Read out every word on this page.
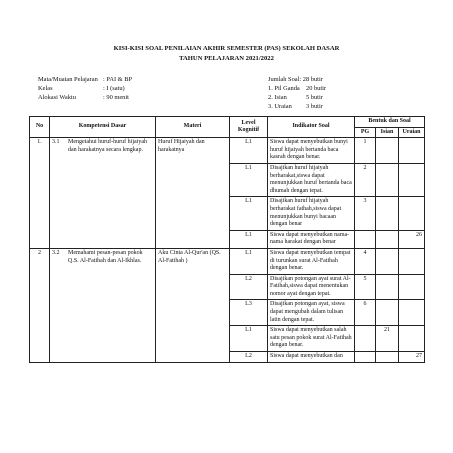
KISI-KISI SOAL PENILAIAN AKHIR SEMESTER (PAS) SEKOLAH DASAR
TAHUN PELAJARAN 2021/2022
Mata/Muatan Pelajaran : PAI & BP
Kelas	: I (satu)
Alokasi Waktu	: 90 menit
Jumlah Soal: 28 butir
1. Pil Ganda 20 butir
2. Isian	5 butir
3. Uraian	3 butir
No	Kompetensi Dasar	Materi	Level Kognitif	Indikator Soal	Bentuk dan Soal		
					PG	Isian	Uraian
1.	3.1 Mengetahui huruf-huruf hijaiyah dan harakatnya secara lengkap.	Huruf Hijaiyah dan harakatnya	L1	Siswa dapat menyebutkan bunyi huruf hijaiyah bertanda baca kasrah dengan benar.	1		
			L1	Disajikan huruf hijaiyah berharakat,siswa dapat menunjukkan huruf bertanda baca dhumah dengan tepat.	2		
			L1	Disajikan huruf hijaiyah berharakat fathah,siswa dapat menunjukkan bunyi bacaan dengan benar	3		
			L1	Siswa dapat menyebutkan nama-nama harakat dengan benar			26
2	3.2 Memahami pesan-pesan pokok Q.S. Al-Fatihah dan Al-Ikhlas.	Aku Cinta Al-Qur'an (QS. Al-Fatihah )	L1	Siswa dapat menyebutkan tempat di turunkan surat Al-Fatihah dengan benar.	4		
			L2	Disajikan potongan ayat surat Al-Fatihah,siswa dapat menentukan nomor ayat dengan tepat.	5		
			L3	Disajikan potongan ayat, siswa dapat mengubah dalam tulisan latin dengan tepat.	6		
			L1	Siswa dapat menyebutkan salah satu pesan pokok surat Al-Fatihah dengan benar.		21	
			L2	Siswa dapat menyebutkan dan			27
